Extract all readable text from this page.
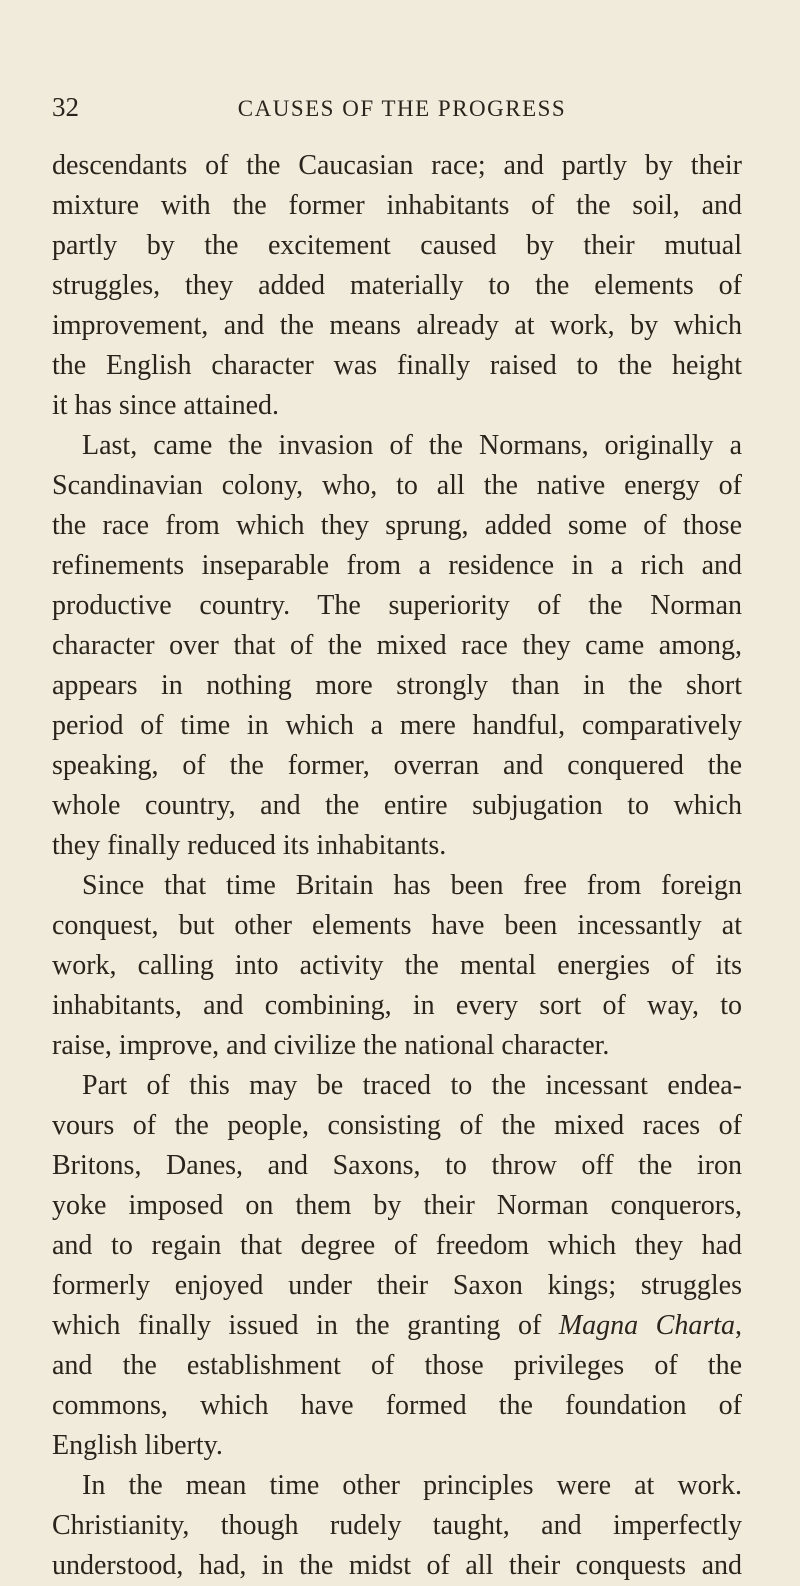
32	CAUSES OF THE PROGRESS
descendants of the Caucasian race; and partly by their
mixture with the former inhabitants of the soil, and
partly by the excitement caused by their mutual
struggles, they added materially to the elements of
improvement, and the means already at work, by which
the English character was finally raised to the height
it has since attained.
Last, came the invasion of the Normans, originally a
Scandinavian colony, who, to all the native energy of
the race from which they sprung, added some of those
refinements inseparable from a residence in a rich and
productive country. The superiority of the Norman
character over that of the mixed race they came among,
appears in nothing more strongly than in the short
period of time in which a mere handful, comparatively
speaking, of the former, overran and conquered the
whole country, and the entire subjugation to which
they finally reduced its inhabitants.
Since that time Britain has been free from foreign
conquest, but other elements have been incessantly at
work, calling into activity the mental energies of its
inhabitants, and combining, in every sort of way, to
raise, improve, and civilize the national character.
Part of this may be traced to the incessant endea-
vours of the people, consisting of the mixed races of
Britons, Danes, and Saxons, to throw off the iron
yoke imposed on them by their Norman conquerors,
and to regain that degree of freedom which they had
formerly enjoyed under their Saxon kings; struggles
which finally issued in the granting of Magna Charta,
and the establishment of those privileges of the
commons, which have formed the foundation of
English liberty.
In the mean time other principles were at work.
Christianity, though rudely taught, and imperfectly
understood, had, in the midst of all their conquests and
